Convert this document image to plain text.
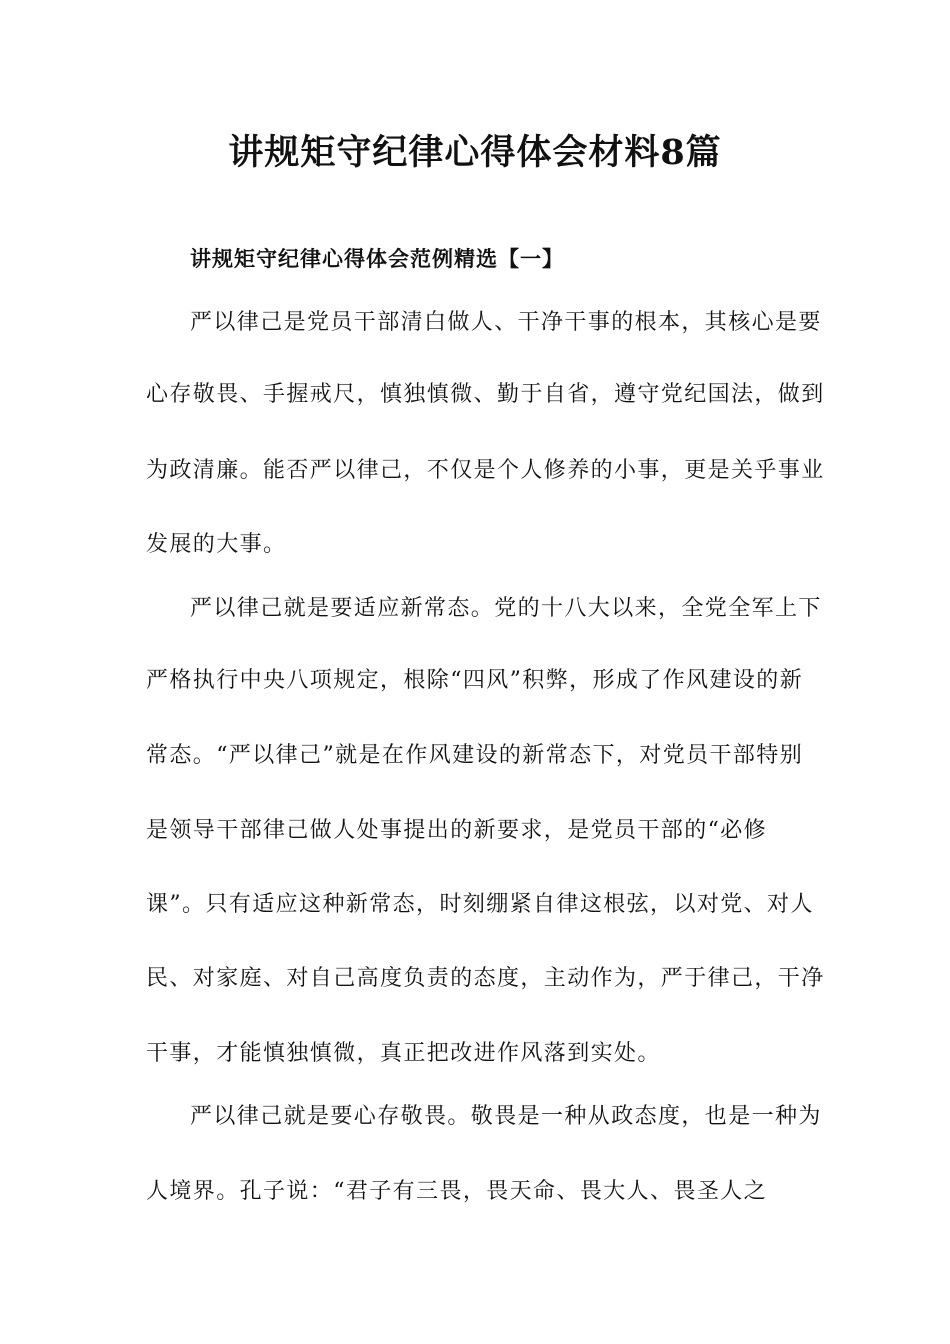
讲规矩守纪律心得体会材料8篇
讲规矩守纪律心得体会范例精选【一】

严以律己是党员干部清白做人、干净干事的根本，其核心是要

心存敬畏、手握戒尺，慎独慎微、勤于自省，遵守党纪国法，做到

为政清廉。能否严以律己，不仅是个人修养的小事，更是关乎事业

发展的大事。

严以律己就是要适应新常态。党的十八大以来，全党全军上下

严格执行中央八项规定，根除“四风”积弊，形成了作风建设的新

常态。“严以律己”就是在作风建设的新常态下，对党员干部特别

是领导干部律己做人处事提出的新要求，是党员干部的“必修

课”。只有适应这种新常态，时刻绷紧自律这根弦，以对党、对人

民、对家庭、对自己高度负责的态度，主动作为，严于律己，干净

干事，才能慎独慎微，真正把改进作风落到实处。

严以律己就是要心存敬畏。敬畏是一种从政态度，也是一种为

人境界。孔子说：“君子有三畏，畏天命、畏大人、畏圣人之
